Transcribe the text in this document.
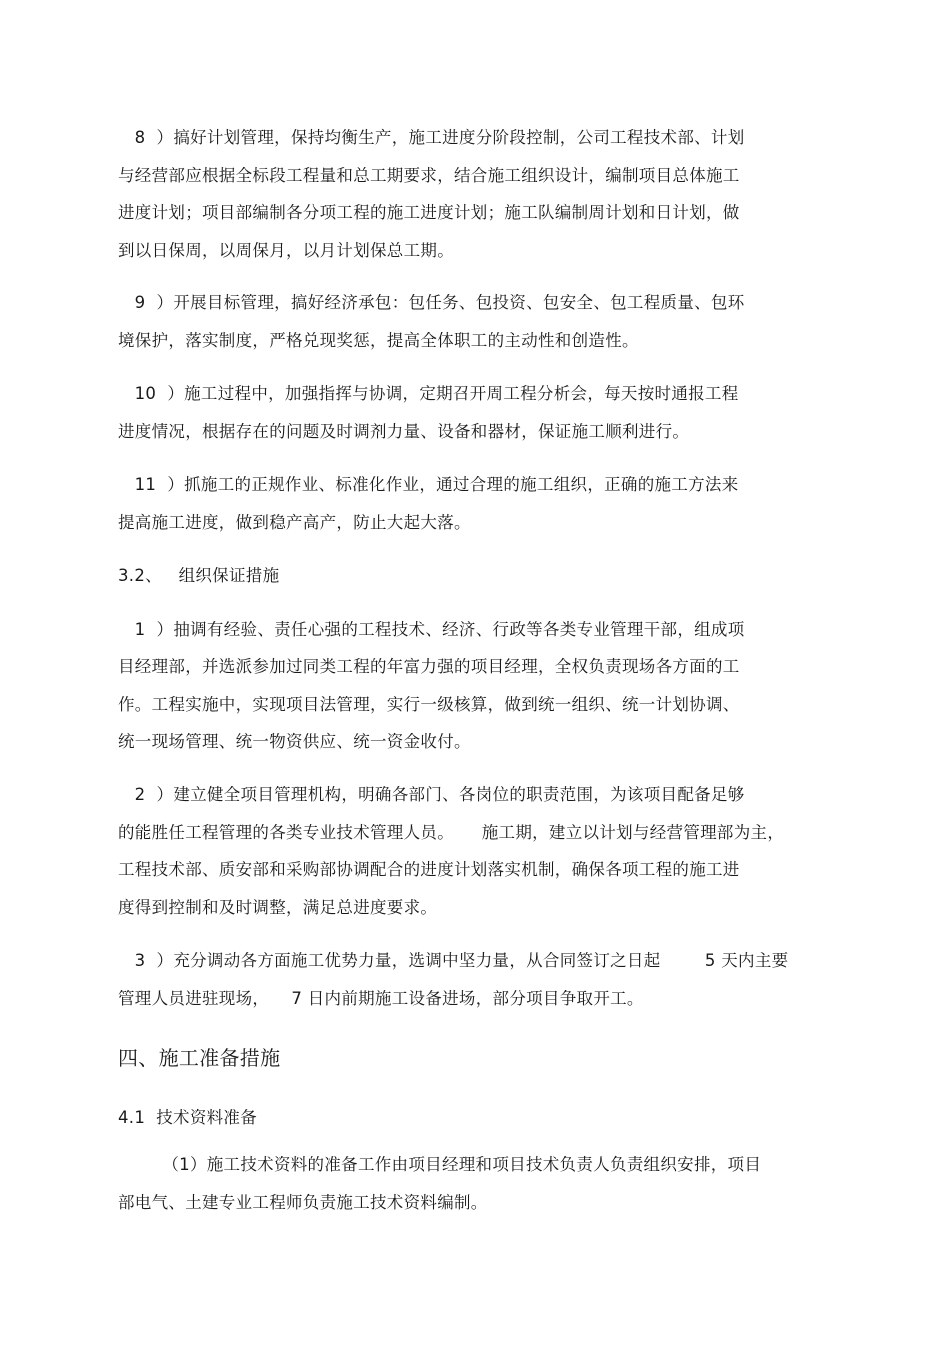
8  ）搞好计划管理，保持均衡生产，施工进度分阶段控制，公司工程技术部、计划
与经营部应根据全标段工程量和总工期要求，结合施工组织设计，编制项目总体施工
进度计划；项目部编制各分项工程的施工进度计划；施工队编制周计划和日计划，做
到以日保周，以周保月，以月计划保总工期。
9  ）开展目标管理，搞好经济承包：包任务、包投资、包安全、包工程质量、包环
境保护，落实制度，严格兑现奖惩，提高全体职工的主动性和创造性。
10  ）施工过程中，加强指挥与协调，定期召开周工程分析会，每天按时通报工程
进度情况，根据存在的问题及时调剂力量、设备和器材，保证施工顺利进行。
11  ）抓施工的正规作业、标准化作业，通过合理的施工组织，正确的施工方法来
提高施工进度，做到稳产高产，防止大起大落。
3.2、   组织保证措施
1  ）抽调有经验、责任心强的工程技术、经济、行政等各类专业管理干部，组成项
目经理部，并选派参加过同类工程的年富力强的项目经理，全权负责现场各方面的工
作。工程实施中，实现项目法管理，实行一级核算，做到统一组织、统一计划协调、
统一现场管理、统一物资供应、统一资金收付。
2  ）建立健全项目管理机构，明确各部门、各岗位的职责范围，为该项目配备足够
的能胜任工程管理的各类专业技术管理人员。     施工期，建立以计划与经营管理部为主，
工程技术部、质安部和采购部协调配合的进度计划落实机制，确保各项工程的施工进
度得到控制和及时调整，满足总进度要求。
3  ）充分调动各方面施工优势力量，选调中坚力量，从合同签订之日起        5 天内主要
管理人员进驻现场，    7 日内前期施工设备进场，部分项目争取开工。
四、施工准备措施
4.1  技术资料准备
（1）施工技术资料的准备工作由项目经理和项目技术负责人负责组织安排，项目
部电气、土建专业工程师负责施工技术资料编制。
